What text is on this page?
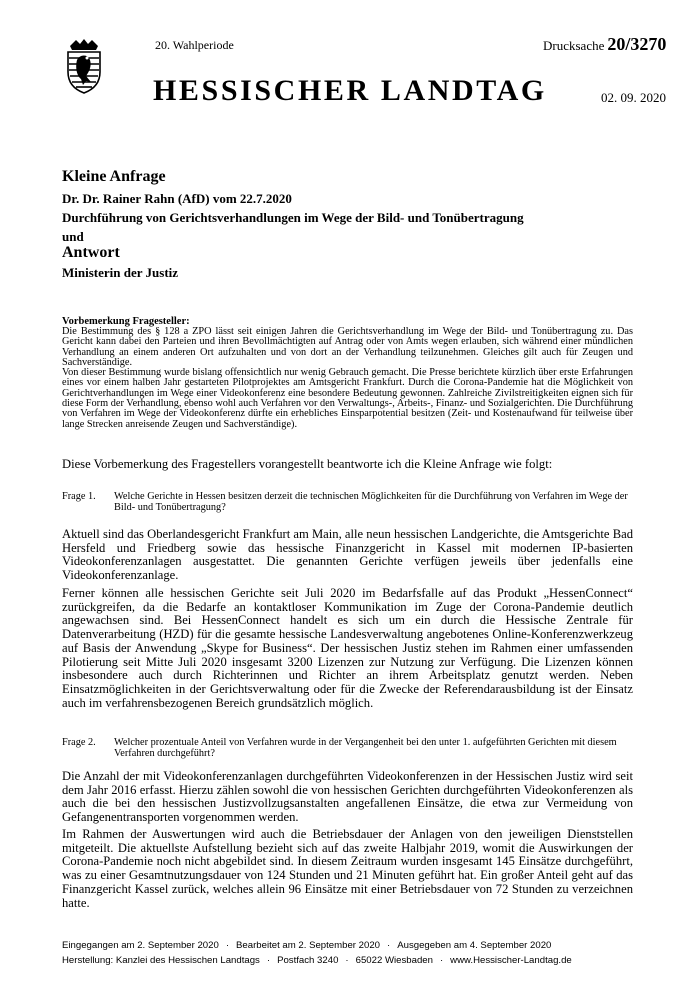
20. Wahlperiode	Drucksache 20/3270
HESSISCHER LANDTAG	02. 09. 2020
Kleine Anfrage
Dr. Dr. Rainer Rahn (AfD) vom 22.7.2020
Durchführung von Gerichtsverhandlungen im Wege der Bild- und Tonübertragung
und
Antwort
Ministerin der Justiz
Vorbemerkung Fragesteller:

Die Bestimmung des § 128 a ZPO lässt seit einigen Jahren die Gerichtsverhandlung im Wege der Bild- und Tonübertragung zu. Das Gericht kann dabei den Parteien und ihren Bevollmächtigten auf Antrag oder von Amts wegen erlauben, sich während einer mündlichen Verhandlung an einem anderen Ort aufzuhalten und von dort an der Verhandlung teilzunehmen. Gleiches gilt auch für Zeugen und Sachverständige.

Von dieser Bestimmung wurde bislang offensichtlich nur wenig Gebrauch gemacht. Die Presse berichtete kürzlich über erste Erfahrungen eines vor einem halben Jahr gestarteten Pilotprojektes am Amtsgericht Frankfurt. Durch die Corona-Pandemie hat die Möglichkeit von Gerichtverhandlungen im Wege einer Videokonferenz eine besondere Bedeutung gewonnen. Zahlreiche Zivilstreitigkeiten eignen sich für diese Form der Verhandlung, ebenso wohl auch Verfahren vor den Verwaltungs-, Arbeits-, Finanz- und Sozialgerichten. Die Durchführung von Verfahren im Wege der Videokonferenz dürfte ein erhebliches Einsparpotential besitzen (Zeit- und Kostenaufwand für teilweise über lange Strecken anreisende Zeugen und Sachverständige).

Diese Vorbemerkung des Fragestellers vorangestellt beantworte ich die Kleine Anfrage wie folgt:
Frage 1. Welche Gerichte in Hessen besitzen derzeit die technischen Möglichkeiten für die Durchführung von Verfahren im Wege der Bild- und Tonübertragung?
Aktuell sind das Oberlandesgericht Frankfurt am Main, alle neun hessischen Landgerichte, die Amtsgerichte Bad Hersfeld und Friedberg sowie das hessische Finanzgericht in Kassel mit modernen IP-basierten Videokonferenzanlagen ausgestattet. Die genannten Gerichte verfügen jeweils über jedenfalls eine Videokonferenzanlage.
Ferner können alle hessischen Gerichte seit Juli 2020 im Bedarfsfalle auf das Produkt „HessenConnect“ zurückgreifen, da die Bedarfe an kontaktloser Kommunikation im Zuge der Corona-Pandemie deutlich angewachsen sind. Bei HessenConnect handelt es sich um ein durch die Hessische Zentrale für Datenverarbeitung (HZD) für die gesamte hessische Landesverwaltung angebotenes Online-Konferenzwerkzeug auf Basis der Anwendung „Skype for Business“. Der hessischen Justiz stehen im Rahmen einer umfassenden Pilotierung seit Mitte Juli 2020 insgesamt 3200 Lizenzen zur Nutzung zur Verfügung. Die Lizenzen können insbesondere auch durch Richterinnen und Richter an ihrem Arbeitsplatz genutzt werden. Neben Einsatzmöglichkeiten in der Gerichtsverwaltung oder für die Zwecke der Referendarausbildung ist der Einsatz auch im verfahrensbezogenen Bereich grundsätzlich möglich.
Frage 2. Welcher prozentuale Anteil von Verfahren wurde in der Vergangenheit bei den unter 1. aufgeführten Gerichten mit diesem Verfahren durchgeführt?
Die Anzahl der mit Videokonferenzanlagen durchgeführten Videokonferenzen in der Hessischen Justiz wird seit dem Jahr 2016 erfasst. Hierzu zählen sowohl die von hessischen Gerichten durchgeführten Videokonferenzen als auch die bei den hessischen Justizvollzugsanstalten angefallenen Einsätze, die etwa zur Vermeidung von Gefangenentransporten vorgenommen werden.
Im Rahmen der Auswertungen wird auch die Betriebsdauer der Anlagen von den jeweiligen Dienststellen mitgeteilt. Die aktuellste Aufstellung bezieht sich auf das zweite Halbjahr 2019, womit die Auswirkungen der Corona-Pandemie noch nicht abgebildet sind. In diesem Zeitraum wurden insgesamt 145 Einsätze durchgeführt, was zu einer Gesamtnutzungsdauer von 124 Stunden und 21 Minuten geführt hat. Ein großer Anteil geht auf das Finanzgericht Kassel zurück, welches allein 96 Einsätze mit einer Betriebsdauer von 72 Stunden zu verzeichnen hatte.
Eingegangen am 2. September 2020 · Bearbeitet am 2. September 2020 · Ausgegeben am 4. September 2020
Herstellung: Kanzlei des Hessischen Landtags · Postfach 3240 · 65022 Wiesbaden · www.Hessischer-Landtag.de
